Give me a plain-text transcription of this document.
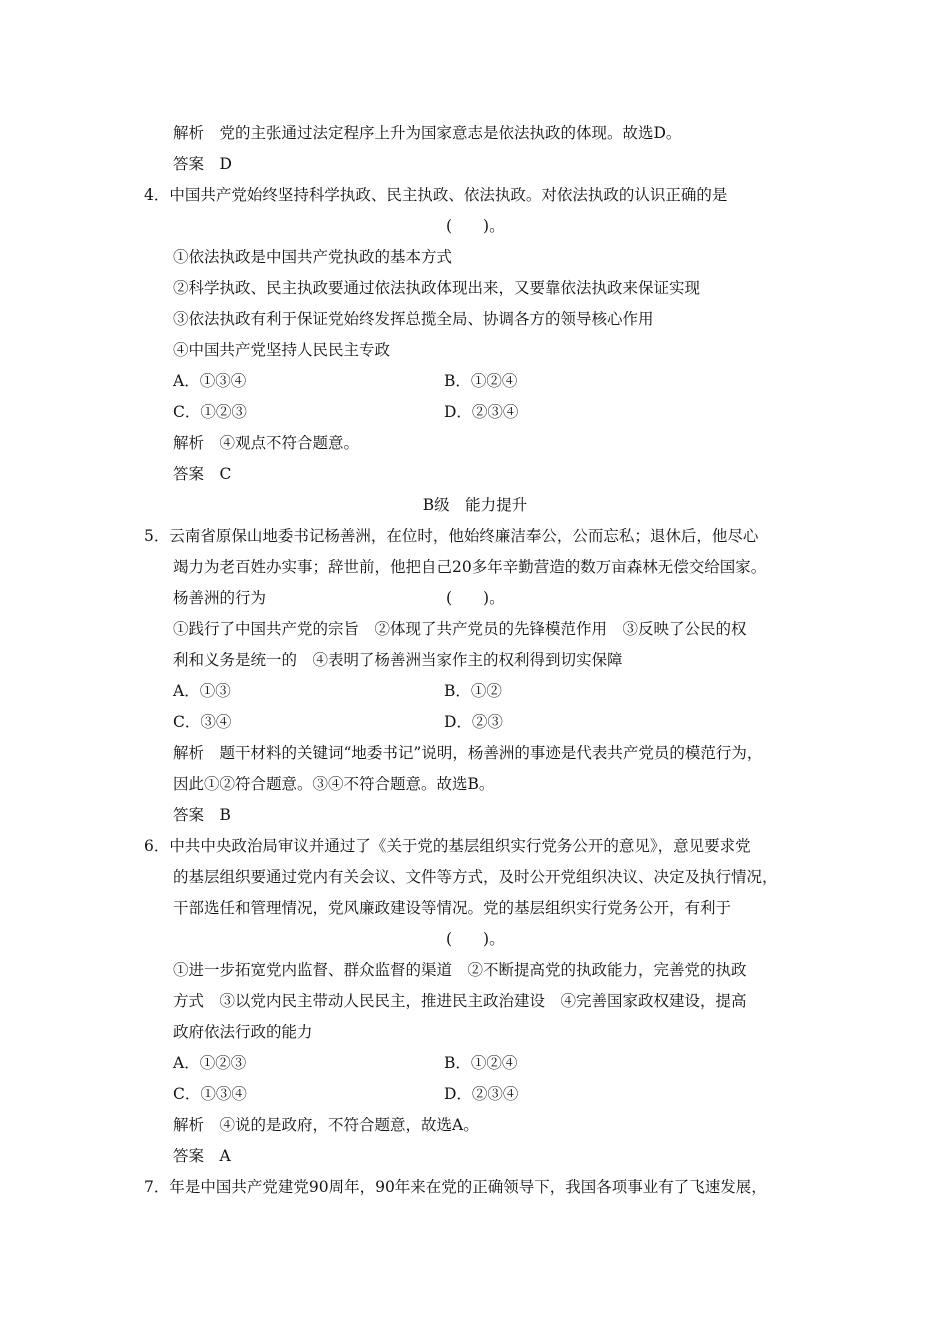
解析　党的主张通过法定程序上升为国家意志是依法执政的体现。故选D。
答案　D
4．中国共产党始终坚持科学执政、民主执政、依法执政。对依法执政的认识正确的是
(　　)。
①依法执政是中国共产党执政的基本方式
②科学执政、民主执政要通过依法执政体现出来，又要靠依法执政来保证实现
③依法执政有利于保证党始终发挥总揽全局、协调各方的领导核心作用
④中国共产党坚持人民民主专政
A．①③④	B．①②④
C．①②③	D．②③④
解析　④观点不符合题意。
答案　C
B级　能力提升
5．云南省原保山地委书记杨善洲，在位时，他始终廉洁奉公，公而忘私；退休后，他尽心
竭力为老百姓办实事；辞世前，他把自己20多年辛勤营造的数万亩森林无偿交给国家。
杨善洲的行为	(　　)。
①践行了中国共产党的宗旨　②体现了共产党员的先锋模范作用　③反映了公民的权
利和义务是统一的　④表明了杨善洲当家作主的权利得到切实保障
A．①③	B．①②
C．③④	D．②③
解析　题干材料的关键词“地委书记”说明，杨善洲的事迹是代表共产党员的模范行为，
因此①②符合题意。③④不符合题意。故选B。
答案　B
6．中共中央政治局审议并通过了《关于党的基层组织实行党务公开的意见》，意见要求党
的基层组织要通过党内有关会议、文件等方式，及时公开党组织决议、决定及执行情况，
干部选任和管理情况，党风廉政建设等情况。党的基层组织实行党务公开，有利于
(　　)。
①进一步拓宽党内监督、群众监督的渠道　②不断提高党的执政能力，完善党的执政
方式　③以党内民主带动人民民主，推进民主政治建设　④完善国家政权建设，提高
政府依法行政的能力
A．①②③	B．①②④
C．①③④	D．②③④
解析　④说的是政府，不符合题意，故选A。
答案　A
7．年是中国共产党建党90周年，90年来在党的正确领导下，我国各项事业有了飞速发展，
